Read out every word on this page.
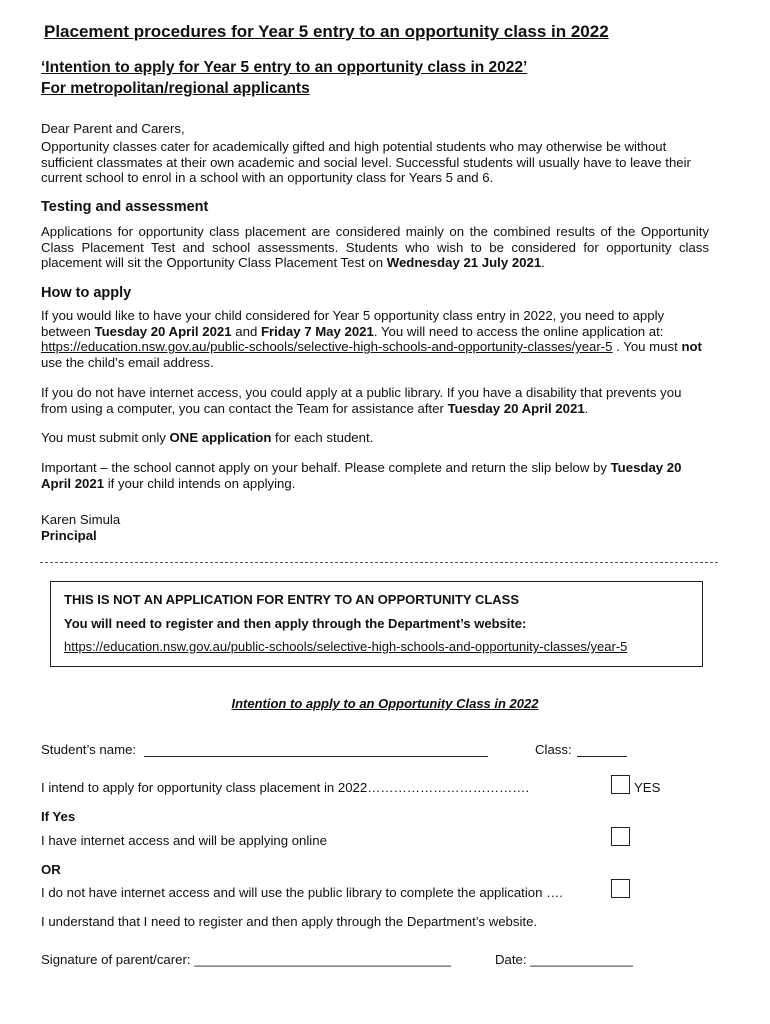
Placement procedures for Year 5 entry to an opportunity class in 2022
‘Intention to apply for Year 5 entry to an opportunity class in 2022’
For metropolitan/regional applicants
Dear Parent and Carers,
Opportunity classes cater for academically gifted and high potential students who may otherwise be without sufficient classmates at their own academic and social level. Successful students will usually have to leave their current school to enrol in a school with an opportunity class for Years 5 and 6.
Testing and assessment
Applications for opportunity class placement are considered mainly on the combined results of the Opportunity Class Placement Test and school assessments. Students who wish to be considered for opportunity class placement will sit the Opportunity Class Placement Test on Wednesday 21 July 2021.
How to apply
If you would like to have your child considered for Year 5 opportunity class entry in 2022, you need to apply between Tuesday 20 April 2021 and Friday 7 May 2021. You will need to access the online application at: https://education.nsw.gov.au/public-schools/selective-high-schools-and-opportunity-classes/year-5 . You must not use the child’s email address.
If you do not have internet access, you could apply at a public library. If you have a disability that prevents you from using a computer, you can contact the Team for assistance after Tuesday 20 April 2021.
You must submit only ONE application for each student.
Important – the school cannot apply on your behalf. Please complete and return the slip below by Tuesday 20 April 2021 if your child intends on applying.
Karen Simula
Principal
THIS IS NOT AN APPLICATION FOR ENTRY TO AN OPPORTUNITY CLASS
You will need to register and then apply through the Department’s website:
https://education.nsw.gov.au/public-schools/selective-high-schools-and-opportunity-classes/year-5
Intention to apply to an Opportunity Class in 2022
Student’s name:	Class:
I intend to apply for opportunity class placement in 2022……………………………….	YES
If Yes
I have internet access and will be applying online
OR
I do not have internet access and will use the public library to complete the application ….
I understand that I need to register and then apply through the Department’s website.
Signature of parent/carer: ___________________________________	Date: ______________
